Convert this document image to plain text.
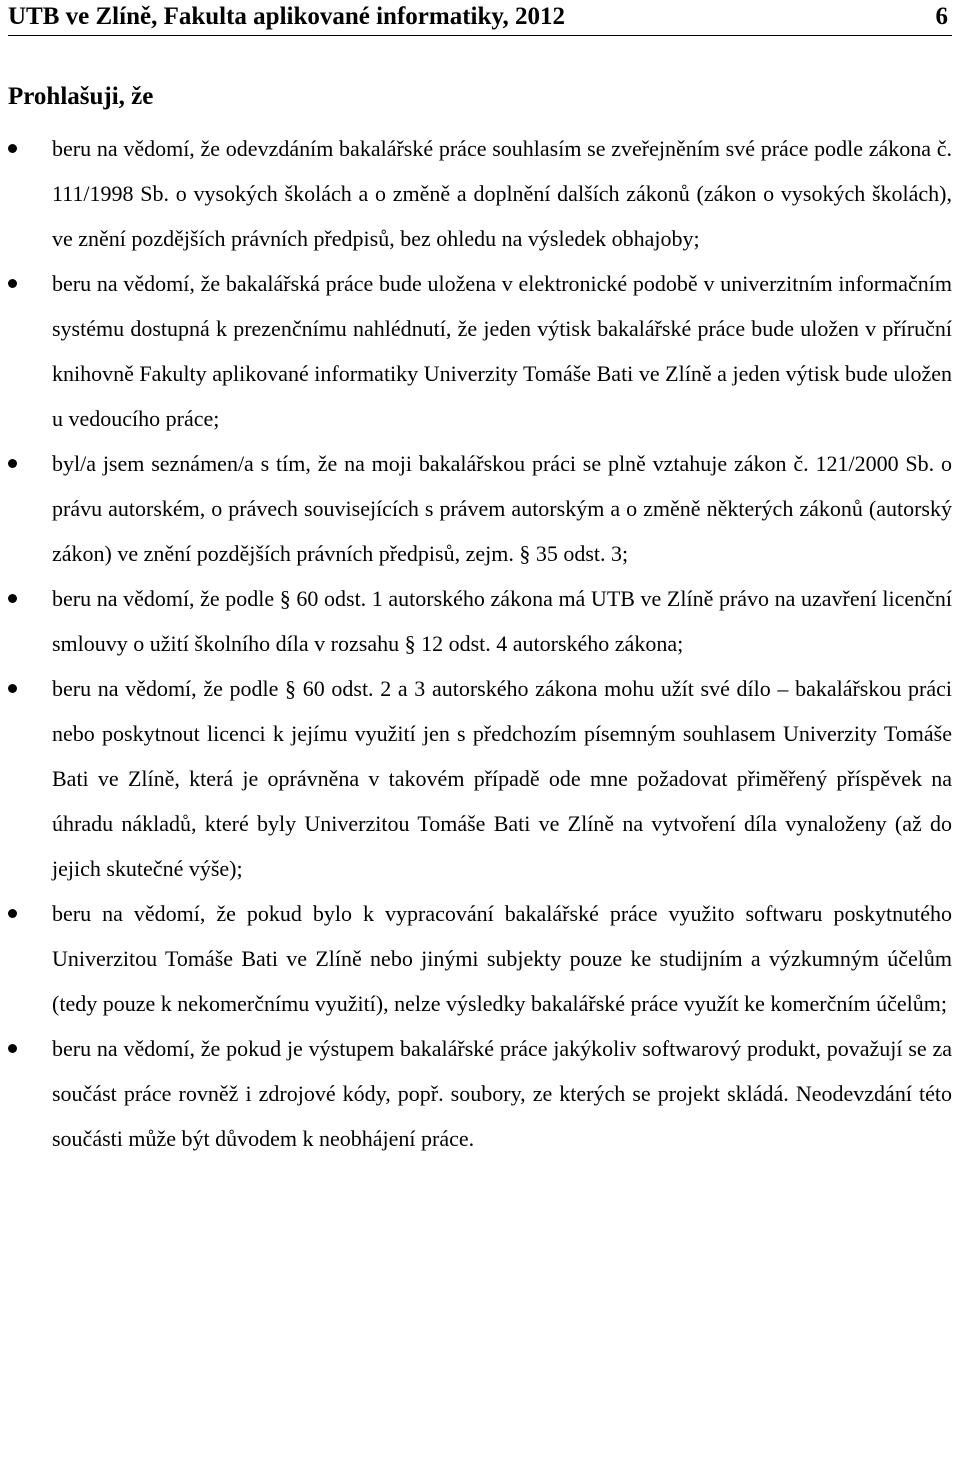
UTB ve Zlíně, Fakulta aplikované informatiky, 2012	6
Prohlašuji, že
beru na vědomí, že odevzdáním bakalářské práce souhlasím se zveřejněním své práce podle zákona č. 111/1998 Sb. o vysokých školách a o změně a doplnění dalších zákonů (zákon o vysokých školách), ve znění pozdějších právních předpisů, bez ohledu na výsledek obhajoby;
beru na vědomí, že bakalářská práce bude uložena v elektronické podobě v univerzitním informačním systému dostupná k prezenčnímu nahlédnutí, že jeden výtisk bakalářské práce bude uložen v příruční knihovně Fakulty aplikované informatiky Univerzity Tomáše Bati ve Zlíně a jeden výtisk bude uložen u vedoucího práce;
byl/a jsem seznámen/a s tím, že na moji bakalářskou práci se plně vztahuje zákon č. 121/2000 Sb. o právu autorském, o právech souvisejících s právem autorským a o změně některých zákonů (autorský zákon) ve znění pozdějších právních předpisů, zejm. § 35 odst. 3;
beru na vědomí, že podle § 60 odst. 1 autorského zákona má UTB ve Zlíně právo na uzavření licenční smlouvy o užití školního díla v rozsahu § 12 odst. 4 autorského zákona;
beru na vědomí, že podle § 60 odst. 2 a 3 autorského zákona mohu užít své dílo – bakalářskou práci nebo poskytnout licenci k jejímu využití jen s předchozím písemným souhlasem Univerzity Tomáše Bati ve Zlíně, která je oprávněna v takovém případě ode mne požadovat přiměřený příspěvek na úhradu nákladů, které byly Univerzitou Tomáše Bati ve Zlíně na vytvoření díla vynaloženy (až do jejich skutečné výše);
beru na vědomí, že pokud bylo k vypracování bakalářské práce využito softwaru poskytnutého Univerzitou Tomáše Bati ve Zlíně nebo jinými subjekty pouze ke studijním a výzkumným účelům (tedy pouze k nekomerčnímu využití), nelze výsledky bakalářské práce využít ke komerčním účelům;
beru na vědomí, že pokud je výstupem bakalářské práce jakýkoliv softwarový produkt, považují se za součást práce rovněž i zdrojové kódy, popř. soubory, ze kterých se projekt skládá. Neodevzdání této součásti může být důvodem k neobhájení práce.
